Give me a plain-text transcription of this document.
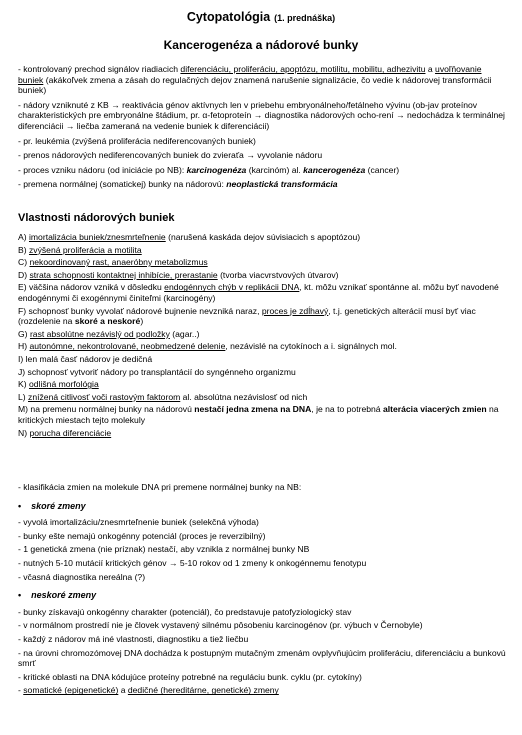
Cytopatológia (1. prednáška)
Kancerogenéza a nádorové bunky

- kontrolovaný prechod signálov riadiacich diferenciáciu, proliferáciu, apoptózu, motilitu, mobilitu, adhezivitu a uvoľňovanie buniek (akákoľvek zmena a zásah do regulačných dejov znamená narušenie signalizácie, čo vedie k nádorovej transformácii buniek)

- nádory vzniknuté z KB → reaktivácia génov aktívnych len v priebehu embryonálneho/fetálneho vývinu (ob-jav proteínov charakteristických pre embryonálne štádium, pr. α-fetoproteín → diagnostika nádorových ocho-rení → nedochádza k terminálnej diferenciácii → liečba zameraná na vedenie buniek k diferenciácii)

- pr. leukémia (zvýšená proliferácia nediferencovaných buniek)

- prenos nádorových nediferencovaných buniek do zvieraťa → vyvolanie nádoru

- proces vzniku nádoru (od iniciácie po NB): karcinogenéza (karcinóm) al. kancerogenéza (cancer)

- premena normálnej (somatickej) bunky na nádorovú: neoplastická transformácia

Vlastnosti nádorových buniek
A) imortalizácia buniek/znesmrteľnenie (narušená kaskáda dejov súvisiacich s apoptózou)
B) zvýšená proliferácia a motilita
C) nekoordinovaný rast, anaeróbny metabolizmus
D) strata schopnosti kontaktnej inhibície, prerastanie (tvorba viacvrstvových útvarov)
E) väčšina nádorov vzniká v dôsledku endogénnych chýb v replikácii DNA, kt. môžu vznikať spontánne al. môžu byť navodené endogénnymi či exogénnymi činiteľmi (karcinogény)
F) schopnosť bunky vyvolať nádorové bujnenie nevzniká naraz, proces je zdĺhavý, t.j. genetických alterácií musí byť viac (rozdelenie na skoré a neskoré)
G) rast absolútne nezávislý od podložky (agar..)
H) autonómne, nekontrolované, neobmedzené delenie, nezávislé na cytokínoch a i. signálnych mol.
I) len malá časť nádorov je dedičná
J) schopnosť vytvoriť nádory po transplantácií do syngénneho organizmu
K) odlišná morfológia
L) znížená citlivosť voči rastovým faktorom al. absolútna nezávislosť od nich
M) na premenu normálnej bunky na nádorovú nestačí jedna zmena na DNA, je na to potrebná alterácia viacerých zmien na kritických miestach tejto molekuly
N) porucha diferenciácie

- klasifikácia zmien na molekule DNA pri premene normálnej bunky na NB:

• skoré zmeny

- vyvolá imortalizáciu/znesmrteľnenie buniek (selekčná výhoda)
- bunky ešte nemajú onkogénny potenciál (proces je reverzibilný)
- 1 genetická zmena (nie príznak) nestačí, aby vznikla z normálnej bunky NB
- nutných 5-10 mutácií kritických génov → 5-10 rokov od 1 zmeny k onkogénnemu fenotypu
- včasná diagnostika nereálna (?)

• neskoré zmeny

- bunky získavajú onkogénny charakter (potenciál), čo predstavuje patofyziologický stav
- v normálnom prostredí nie je človek vystavený silnému pôsobeniu karcinogénov (pr. výbuch v Černobyle)
- každý z nádorov má iné vlastnosti, diagnostiku a tiež liečbu
- na úrovni chromozómovej DNA dochádza k postupným mutačným zmenám ovplyvňujúcim proliferáciu, diferenciáciu a bunkovú smrť
- kritické oblasti na DNA kódujúce proteíny potrebné na reguláciu bunk. cyklu (pr. cytokíny)
- somatické (epigenetické) a dedičné (hereditárne, genetické) zmeny
